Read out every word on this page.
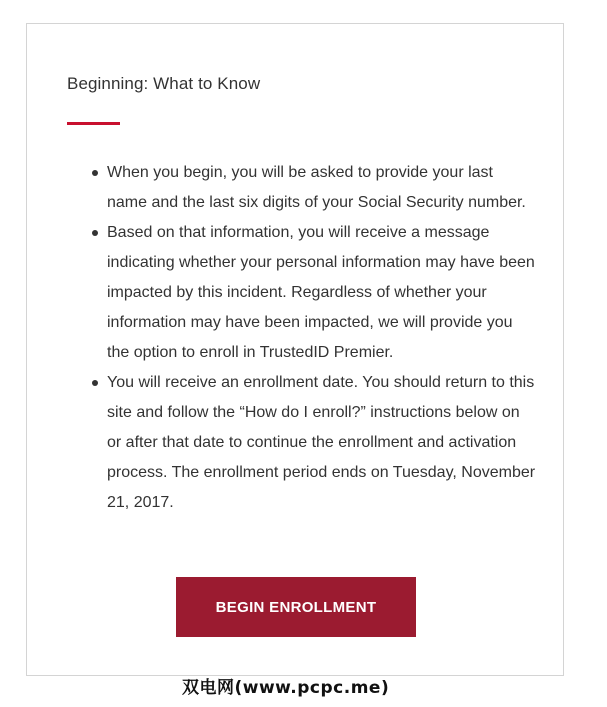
Beginning: What to Know
When you begin, you will be asked to provide your last name and the last six digits of your Social Security number.
Based on that information, you will receive a message indicating whether your personal information may have been impacted by this incident. Regardless of whether your information may have been impacted, we will provide you the option to enroll in TrustedID Premier.
You will receive an enrollment date. You should return to this site and follow the “How do I enroll?” instructions below on or after that date to continue the enrollment and activation process. The enrollment period ends on Tuesday, November 21, 2017.
BEGIN ENROLLMENT
双电网(www.pcpc.me)
